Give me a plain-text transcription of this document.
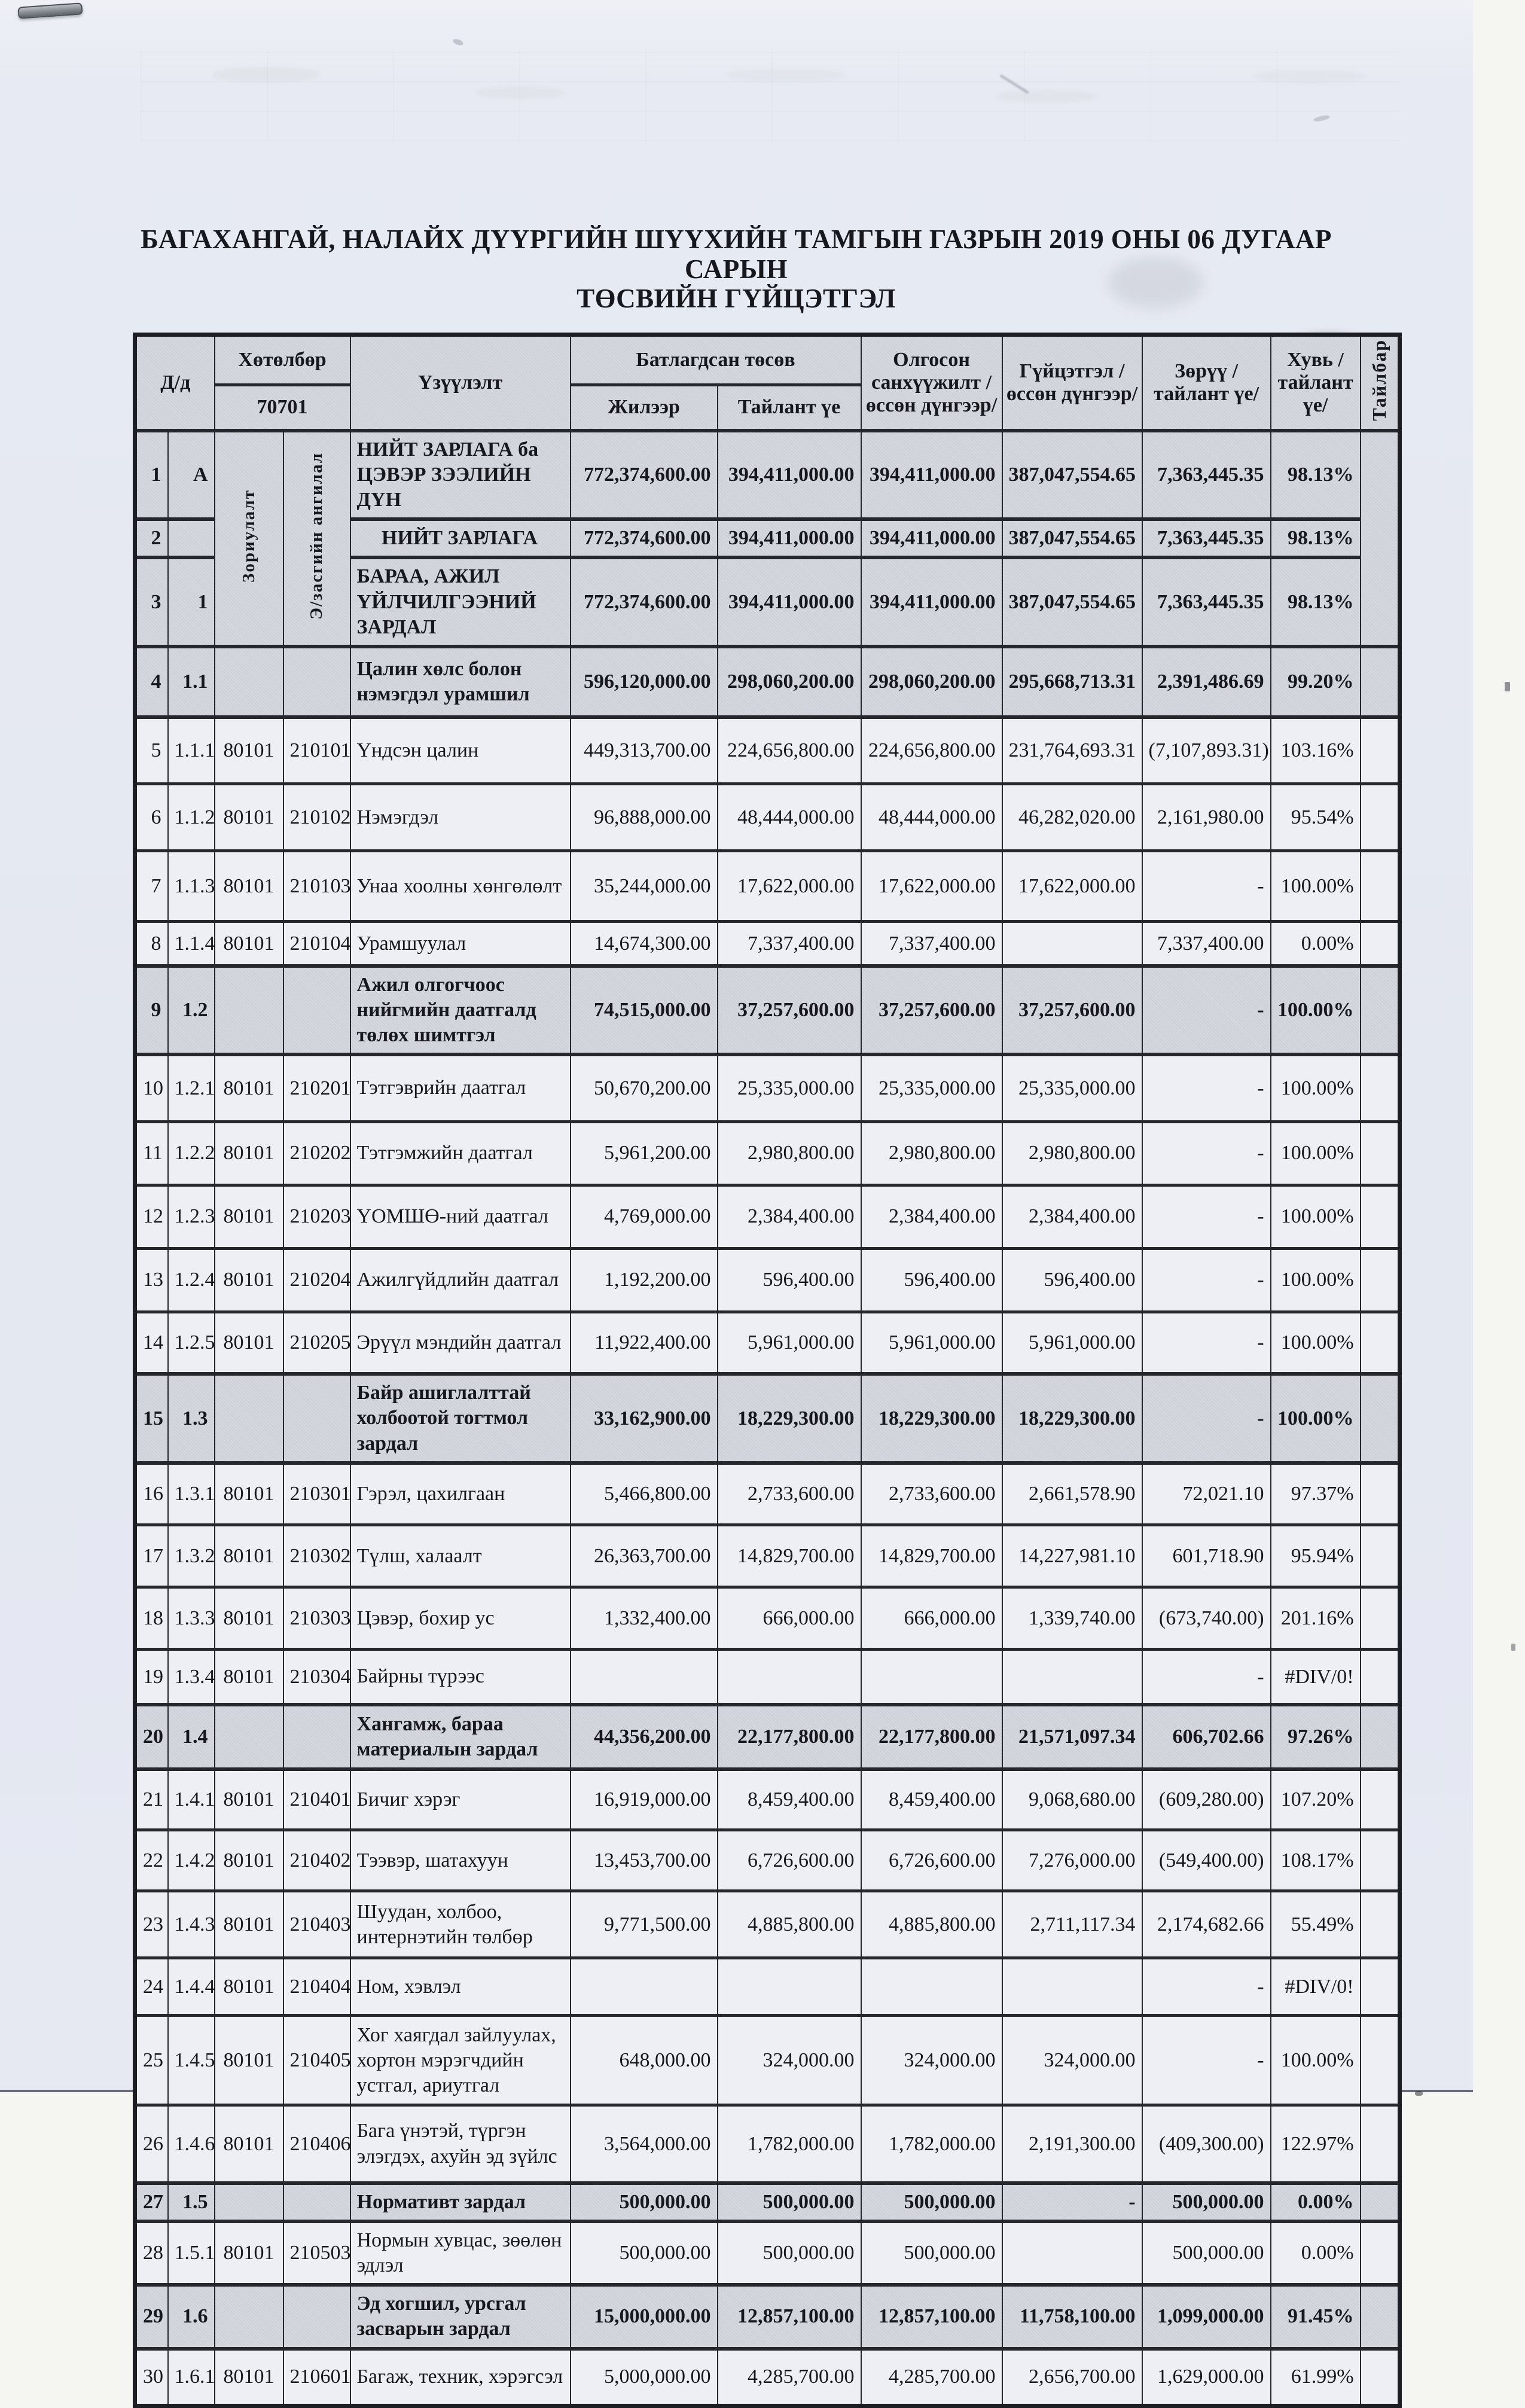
БАГАХАНГАЙ, НАЛАЙХ ДҮҮРГИЙН ШҮҮХИЙН ТАМГЫН ГАЗРЫН 2019 ОНЫ 06 ДУГААР САРЫН
ТӨСВИЙН ГҮЙЦЭТГЭЛ
Д/д		Хөтөлбөр		Үзүүлэлт	Батлагдсан төсөв		Олгосон санхүүжилт /өссөн дүнгээр/	Гүйцэтгэл /өссөн дүнгээр/	Зөрүү /тайлант үе/	Хувь /тайлант үе/	Тайлбар
		70701			Жилээр	Тайлант үе					
1	A	Зориулалт	Э/засгийн ангилал	НИЙТ ЗАРЛАГА ба ЦЭВЭР ЗЭЭЛИЙН ДҮН	772,374,600.00	394,411,000.00	394,411,000.00	387,047,554.65	7,363,445.35	98.13%	
2				НИЙТ ЗАРЛАГА	772,374,600.00	394,411,000.00	394,411,000.00	387,047,554.65	7,363,445.35	98.13%	
3	1			БАРАА, АЖИЛ ҮЙЛЧИЛГЭЭНИЙ ЗАРДАЛ	772,374,600.00	394,411,000.00	394,411,000.00	387,047,554.65	7,363,445.35	98.13%	
4	1.1			Цалин хөлс болон нэмэгдэл урамшил	596,120,000.00	298,060,200.00	298,060,200.00	295,668,713.31	2,391,486.69	99.20%	
5	1.1.1	80101	210101	Үндсэн цалин	449,313,700.00	224,656,800.00	224,656,800.00	231,764,693.31	(7,107,893.31)	103.16%	
6	1.1.2	80101	210102	Нэмэгдэл	96,888,000.00	48,444,000.00	48,444,000.00	46,282,020.00	2,161,980.00	95.54%	
7	1.1.3	80101	210103	Унаа хоолны хөнгөлөлт	35,244,000.00	17,622,000.00	17,622,000.00	17,622,000.00	-	100.00%	
8	1.1.4	80101	210104	Урамшуулал	14,674,300.00	7,337,400.00	7,337,400.00		7,337,400.00	0.00%	
9	1.2			Ажил олгогчоос нийгмийн даатгалд төлөх шимтгэл	74,515,000.00	37,257,600.00	37,257,600.00	37,257,600.00	-	100.00%	
10	1.2.1	80101	210201	Тэтгэврийн даатгал	50,670,200.00	25,335,000.00	25,335,000.00	25,335,000.00	-	100.00%	
11	1.2.2	80101	210202	Тэтгэмжийн даатгал	5,961,200.00	2,980,800.00	2,980,800.00	2,980,800.00	-	100.00%	
12	1.2.3	80101	210203	ҮОМШӨ-ний даатгал	4,769,000.00	2,384,400.00	2,384,400.00	2,384,400.00	-	100.00%	
13	1.2.4	80101	210204	Ажилгүйдлийн даатгал	1,192,200.00	596,400.00	596,400.00	596,400.00	-	100.00%	
14	1.2.5	80101	210205	Эрүүл мэндийн даатгал	11,922,400.00	5,961,000.00	5,961,000.00	5,961,000.00	-	100.00%	
15	1.3			Байр ашиглалттай холбоотой тогтмол зардал	33,162,900.00	18,229,300.00	18,229,300.00	18,229,300.00	-	100.00%	
16	1.3.1	80101	210301	Гэрэл, цахилгаан	5,466,800.00	2,733,600.00	2,733,600.00	2,661,578.90	72,021.10	97.37%	
17	1.3.2	80101	210302	Түлш, халаалт	26,363,700.00	14,829,700.00	14,829,700.00	14,227,981.10	601,718.90	95.94%	
18	1.3.3	80101	210303	Цэвэр, бохир ус	1,332,400.00	666,000.00	666,000.00	1,339,740.00	(673,740.00)	201.16%	
19	1.3.4	80101	210304	Байрны түрээс					-	#DIV/0!	
20	1.4			Хангамж, бараа материалын зардал	44,356,200.00	22,177,800.00	22,177,800.00	21,571,097.34	606,702.66	97.26%	
21	1.4.1	80101	210401	Бичиг хэрэг	16,919,000.00	8,459,400.00	8,459,400.00	9,068,680.00	(609,280.00)	107.20%	
22	1.4.2	80101	210402	Тээвэр, шатахуун	13,453,700.00	6,726,600.00	6,726,600.00	7,276,000.00	(549,400.00)	108.17%	
23	1.4.3	80101	210403	Шуудан, холбоо, интернэтийн төлбөр	9,771,500.00	4,885,800.00	4,885,800.00	2,711,117.34	2,174,682.66	55.49%	
24	1.4.4	80101	210404	Ном, хэвлэл					-	#DIV/0!	
25	1.4.5	80101	210405	Хог хаягдал зайлуулах, хортон мэрэгчдийн устгал, ариутгал	648,000.00	324,000.00	324,000.00	324,000.00	-	100.00%	
26	1.4.6	80101	210406	Бага үнэтэй, түргэн элэгдэх, ахуйн эд зүйлс	3,564,000.00	1,782,000.00	1,782,000.00	2,191,300.00	(409,300.00)	122.97%	
27	1.5			Нормативт зардал	500,000.00	500,000.00	500,000.00	-	500,000.00	0.00%	
28	1.5.1	80101	210503	Нормын хувцас, зөөлөн эдлэл	500,000.00	500,000.00	500,000.00		500,000.00	0.00%	
29	1.6			Эд хогшил, урсгал засварын зардал	15,000,000.00	12,857,100.00	12,857,100.00	11,758,100.00	1,099,000.00	91.45%	
30	1.6.1	80101	210601	Багаж, техник, хэрэгсэл	5,000,000.00	4,285,700.00	4,285,700.00	2,656,700.00	1,629,000.00	61.99%	
